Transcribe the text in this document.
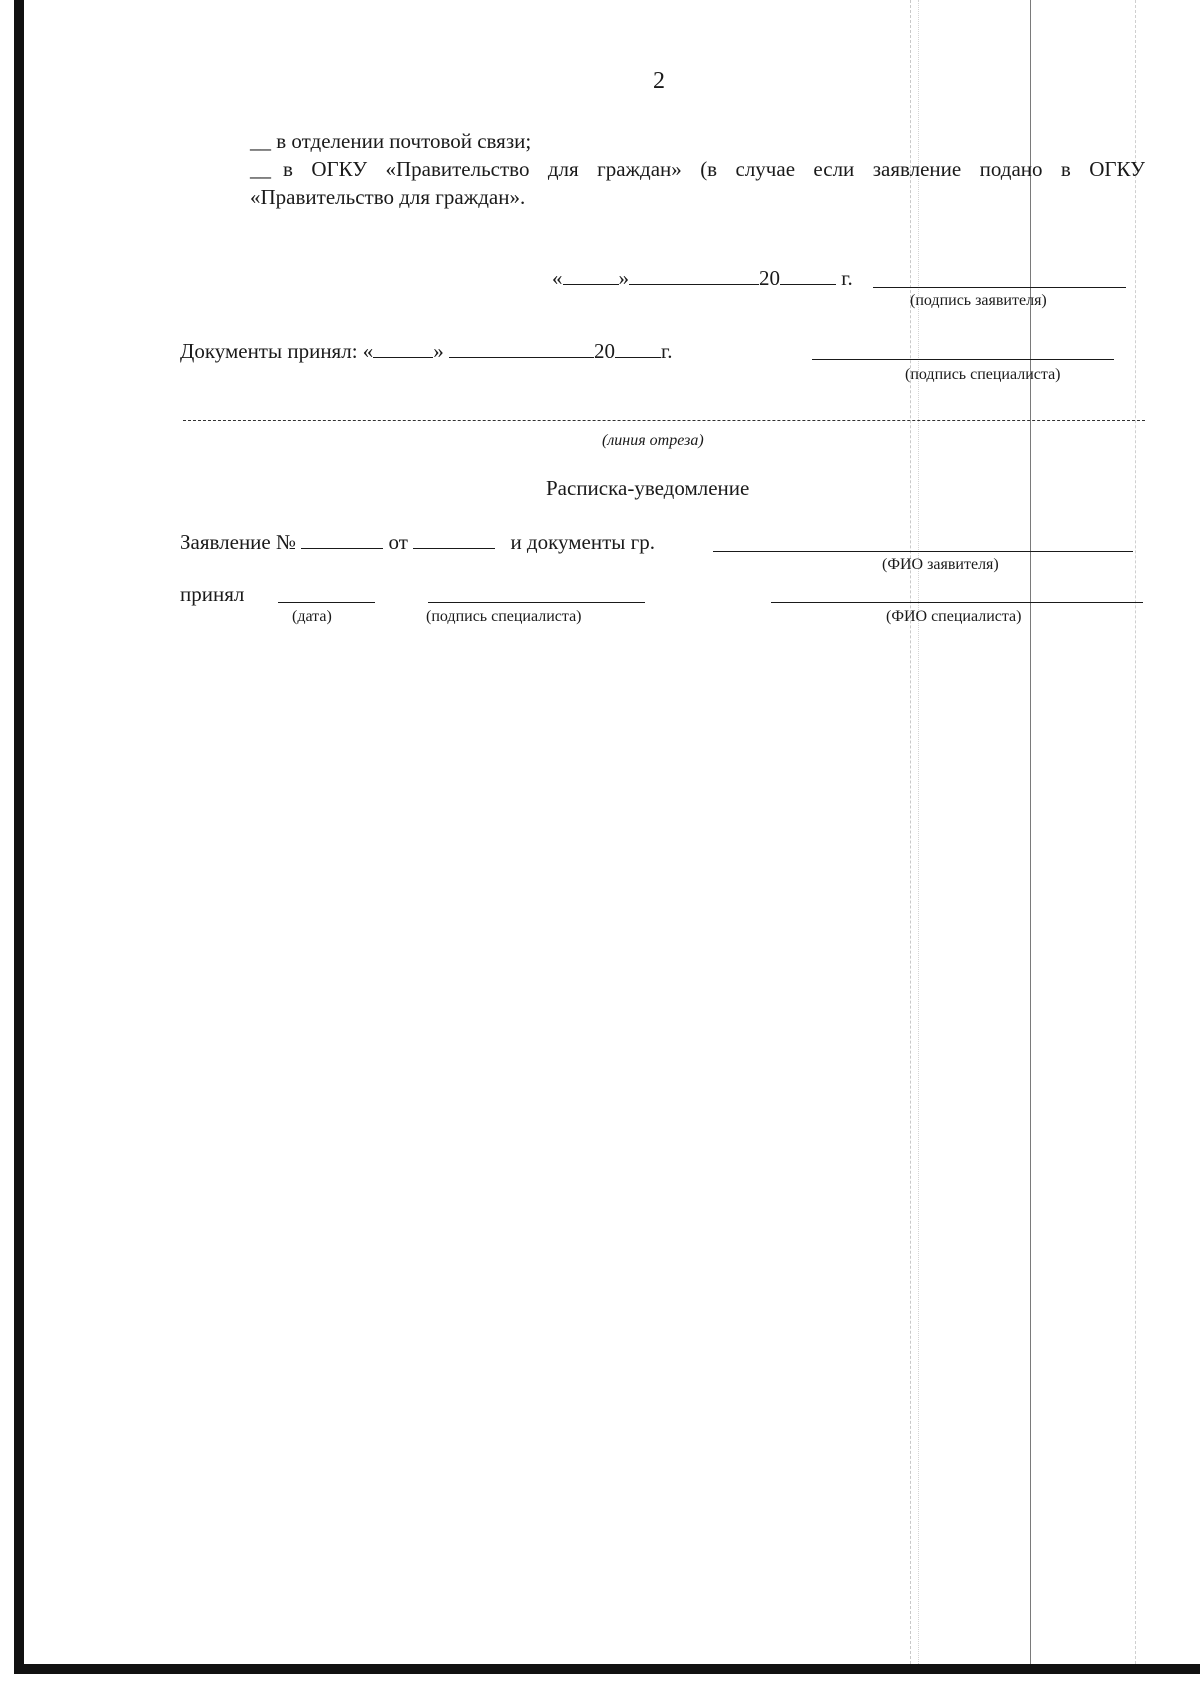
2
__ в отделении почтовой связи;
__ в ОГКУ «Правительство для граждан» (в случае если заявление подано в ОГКУ
«Правительство для граждан».
«	»	20	г.
(подпись заявителя)
Документы принял: «	»	20 г.
(подпись специалиста)
(линия отреза)
Расписка-уведомление
Заявление №	от	и документы гр.
(ФИО заявителя)
принял
(дата)	(подпись специалиста)	(ФИО специалиста)
